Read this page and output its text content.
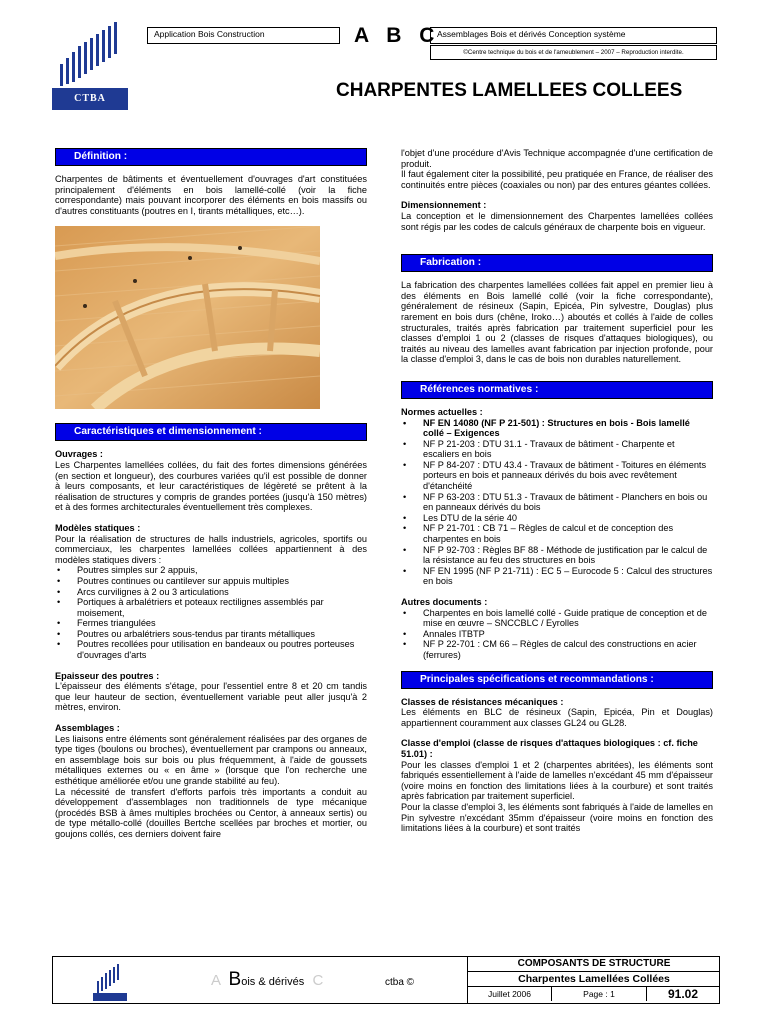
CTBA
Application Bois Construction	A B C
Assemblages Bois et dérivés Conception système
©Centre technique du bois et de l'ameublement – 2007 – Reproduction interdite.
CHARPENTES LAMELLEES COLLEES
Définition :

Charpentes de bâtiments et éventuellement d'ouvrages d'art constituées principalement d'éléments en bois lamellé-collé (voir la fiche correspondante) mais pouvant incorporer des éléments en bois massifs ou d'autres constituants (poutres en I, tirants métalliques, etc…).

Caractéristiques et dimensionnement :
Ouvrages :

Les Charpentes lamellées collées, du fait des fortes dimensions générées (en section et longueur), des courbures variées qu'il est possible de donner à leurs composants, et leur caractéristiques de légèreté se prêtent à la réalisation de structures y compris de grandes portées (jusqu'à 150 mètres) et à des formes architecturales éventuellement très complexes.

Modèles statiques :

Pour la réalisation de structures de halls industriels, agricoles, sportifs ou commerciaux, les charpentes lamellées collées appartiennent à des modèles statiques divers :

• Poutres simples sur 2 appuis,
• Poutres continues ou cantilever sur appuis multiples
• Arcs curvilignes à 2 ou 3 articulations
• Portiques à arbalétriers et poteaux rectilignes assemblés par moisement,
• Fermes triangulées
• Poutres ou arbalétriers sous-tendus par tirants métalliques
• Poutres recollées pour utilisation en bandeaux ou poutres porteuses d'ouvrages d'arts
Epaisseur des poutres :

L'épaisseur des éléments s'étage, pour l'essentiel entre 8 et 20 cm tandis que leur hauteur de section, éventuellement variable peut aller jusqu'à 2 mètres, environ.

Assemblages :

Les liaisons entre éléments sont généralement réalisées par des organes de type tiges (boulons ou broches), éventuellement par crampons ou anneaux, en assemblage bois sur bois ou plus fréquemment, à l'aide de goussets métalliques externes ou « en âme » (lorsque que l'on recherche une esthétique améliorée et/ou une grande stabilité au feu).

La nécessité de transfert d'efforts parfois très importants a conduit au développement d'assemblages non traditionnels de type mécanique (procédés BSB à âmes multiples brochées ou Centor, à anneaux sertis) ou de type métallo-collé (douilles Bertche scellées par broches et mortier, ou goujons collés, ces derniers doivent faire

l'objet d'une procédure d'Avis Technique accompagnée d'une certification de produit.

Il faut également citer la possibilité, peu pratiquée en France, de réaliser des continuités entre pièces (coaxiales ou non) par des entures géantes collées.

Dimensionnement :

La conception et le dimensionnement des Charpentes lamellées collées sont régis par les codes de calculs généraux de charpente bois en vigueur.

Fabrication :

La fabrication des charpentes lamellées collées fait appel en premier lieu à des éléments en Bois lamellé collé (voir la fiche correspondante), généralement de résineux (Sapin, Epicéa, Pin sylvestre, Douglas) plus rarement en bois durs (chêne, Iroko…) aboutés et collés à l'aide de colles structurales, traités après fabrication par traitement superficiel pour les classes d'emploi 1 ou 2 (classes de risques d'attaques biologiques), ou traités au niveau des lamelles avant fabrication par injection profonde, pour la classe d'emploi 3, dans le cas de bois non durables naturellement.

Références normatives :
Normes actuelles :
• NF EN 14080 (NF P 21-501) : Structures en bois - Bois lamellé collé – Exigences
• NF P 21-203 : DTU 31.1 - Travaux de bâtiment - Charpente et escaliers en bois
• NF P 84-207 : DTU 43.4 - Travaux de bâtiment - Toitures en éléments porteurs en bois et panneaux dérivés du bois avec revêtement d'étanchéité
• NF P 63-203 : DTU 51.3 - Travaux de bâtiment - Planchers en bois ou en panneaux dérivés du bois
• Les DTU de la série 40
• NF P 21-701 : CB 71 – Règles de calcul et de conception des charpentes en bois
• NF P 92-703 : Règles BF 88 - Méthode de justification par le calcul de la résistance au feu des structures en bois
• NF EN 1995 (NF P 21-711) : EC 5 – Eurocode 5 : Calcul des structures en bois
Autres documents :
• Charpentes en bois lamellé collé - Guide pratique de conception et de mise en œuvre – SNCCBLC / Eyrolles
• Annales ITBTP
• NF P 22-701 : CM 66 – Règles de calcul des constructions en acier (ferrures)
Principales spécifications et recommandations :
Classes de résistances mécaniques :

Les éléments en BLC de résineux (Sapin, Epicéa, Pin et Douglas) appartiennent couramment aux classes GL24 ou GL28.

Classe d'emploi (classe de risques d'attaques biologiques : cf. fiche 51.01) :

Pour les classes d'emploi 1 et 2 (charpentes abritées), les éléments sont fabriqués essentiellement à l'aide de lamelles n'excédant 45 mm d'épaisseur (voire moins en fonction des limitations liées à la courbure) et sont traités après fabrication par traitement superficiel.

Pour la classe d'emploi 3, les éléments sont fabriqués à l'aide de lamelles en Pin sylvestre n'excédant 35mm d'épaisseur (voire moins en fonction des limitations liées à la courbure) et sont traités

A Bois & dérivés C	ctba ©
COMPOSANTS DE STRUCTURE
Charpentes Lamellées Collées
Juillet 2006	Page : 1	91.02
